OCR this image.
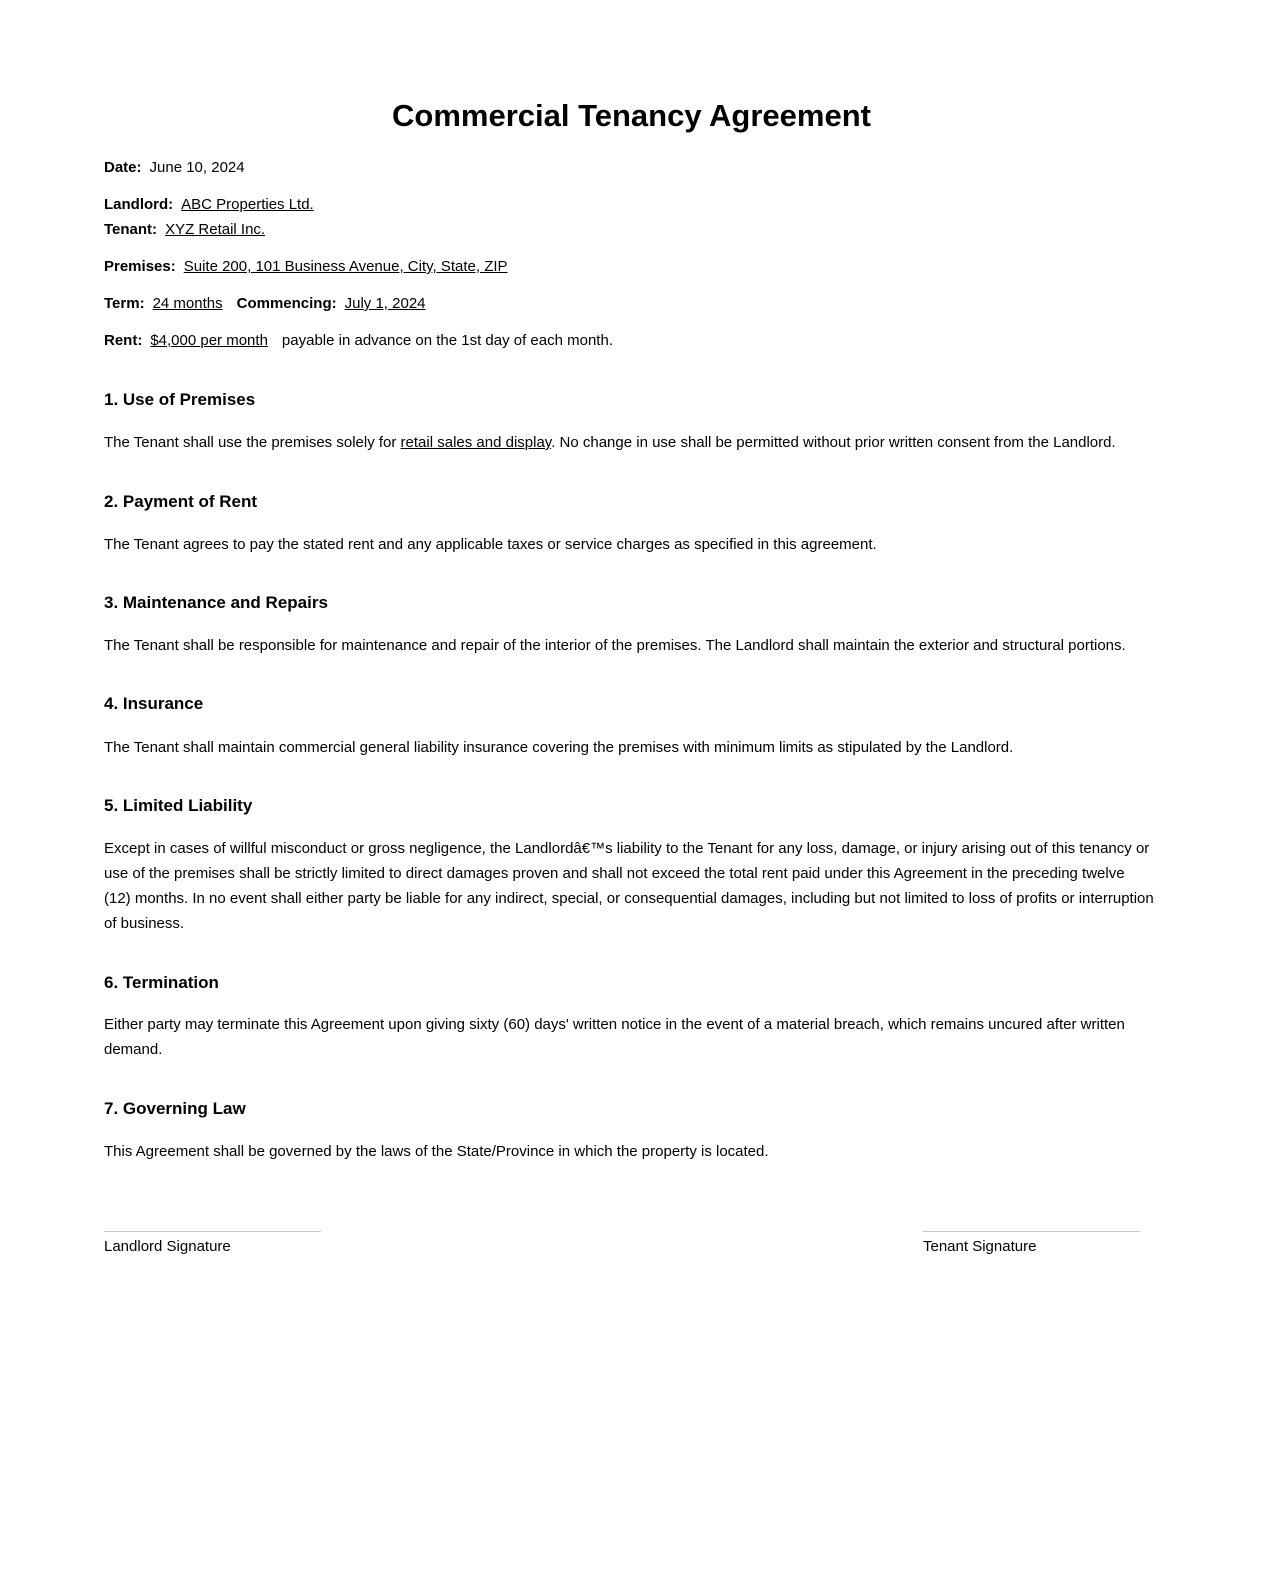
Commercial Tenancy Agreement
Date: June 10, 2024
Landlord: ABC Properties Ltd.
Tenant: XYZ Retail Inc.
Premises: Suite 200, 101 Business Avenue, City, State, ZIP
Term: 24 months Commencing: July 1, 2024
Rent: $4,000 per month payable in advance on the 1st day of each month.
1. Use of Premises

The Tenant shall use the premises solely for retail sales and display. No change in use shall be permitted without prior written consent from the Landlord.

2. Payment of Rent

The Tenant agrees to pay the stated rent and any applicable taxes or service charges as specified in this agreement.

3. Maintenance and Repairs

The Tenant shall be responsible for maintenance and repair of the interior of the premises. The Landlord shall maintain the exterior and structural portions.

4. Insurance

The Tenant shall maintain commercial general liability insurance covering the premises with minimum limits as stipulated by the Landlord.

5. Limited Liability

Except in cases of willful misconduct or gross negligence, the Landlordâ€™s liability to the Tenant for any loss, damage, or injury arising out of this tenancy or use of the premises shall be strictly limited to direct damages proven and shall not exceed the total rent paid under this Agreement in the preceding twelve (12) months. In no event shall either party be liable for any indirect, special, or consequential damages, including but not limited to loss of profits or interruption of business.

6. Termination

Either party may terminate this Agreement upon giving sixty (60) days' written notice in the event of a material breach, which remains uncured after written demand.

7. Governing Law

This Agreement shall be governed by the laws of the State/Province in which the property is located.

Landlord Signature	Tenant Signature
